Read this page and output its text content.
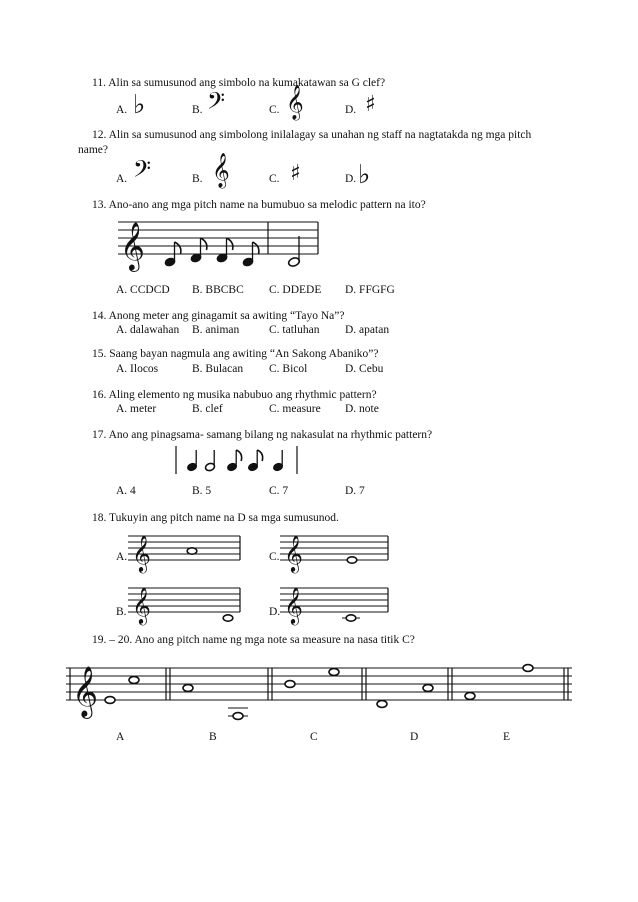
11. Alin sa sumusunod ang simbolo na kumakatawan sa G clef?
A. ♭	B. 𝄢	C. 𝄞	D. ♯
12. Alin sa sumusunod ang simbolong inilalagay sa unahan ng staff na nagtatakda ng mga pitch
name?
A. 𝄢	B. 𝄞	C. ♯	D. ♭
13. Ano-ano ang mga pitch name na bumubuo sa melodic pattern na ito?
𝄞
A. CCDCD B. BBCBC C. DDEDE D. FFGFG
14. Anong meter ang ginagamit sa awiting “Tayo Na”?
A. dalawahan B. animan	C. tatluhan D. apatan
15. Saang bayan nagmula ang awiting “An Sakong Abaniko”?
A. Ilocos	B. Bulacan C. Bicol	D. Cebu
16. Aling elemento ng musika nabubuo ang rhythmic pattern?
A. meter	B. clef	C. measure D. note
17. Ano ang pinagsama- samang bilang ng nakasulat na rhythmic pattern?
A. 4	B. 5	C. 7	D. 7
18. Tukuyin ang pitch name na D sa mga sumusunod.
A. 𝄞	C. 𝄞
B. 𝄞	D. 𝄞
19. – 20. Ano ang pitch name ng mga note sa measure na nasa titik C?
𝄞
A	B	C	D	E
